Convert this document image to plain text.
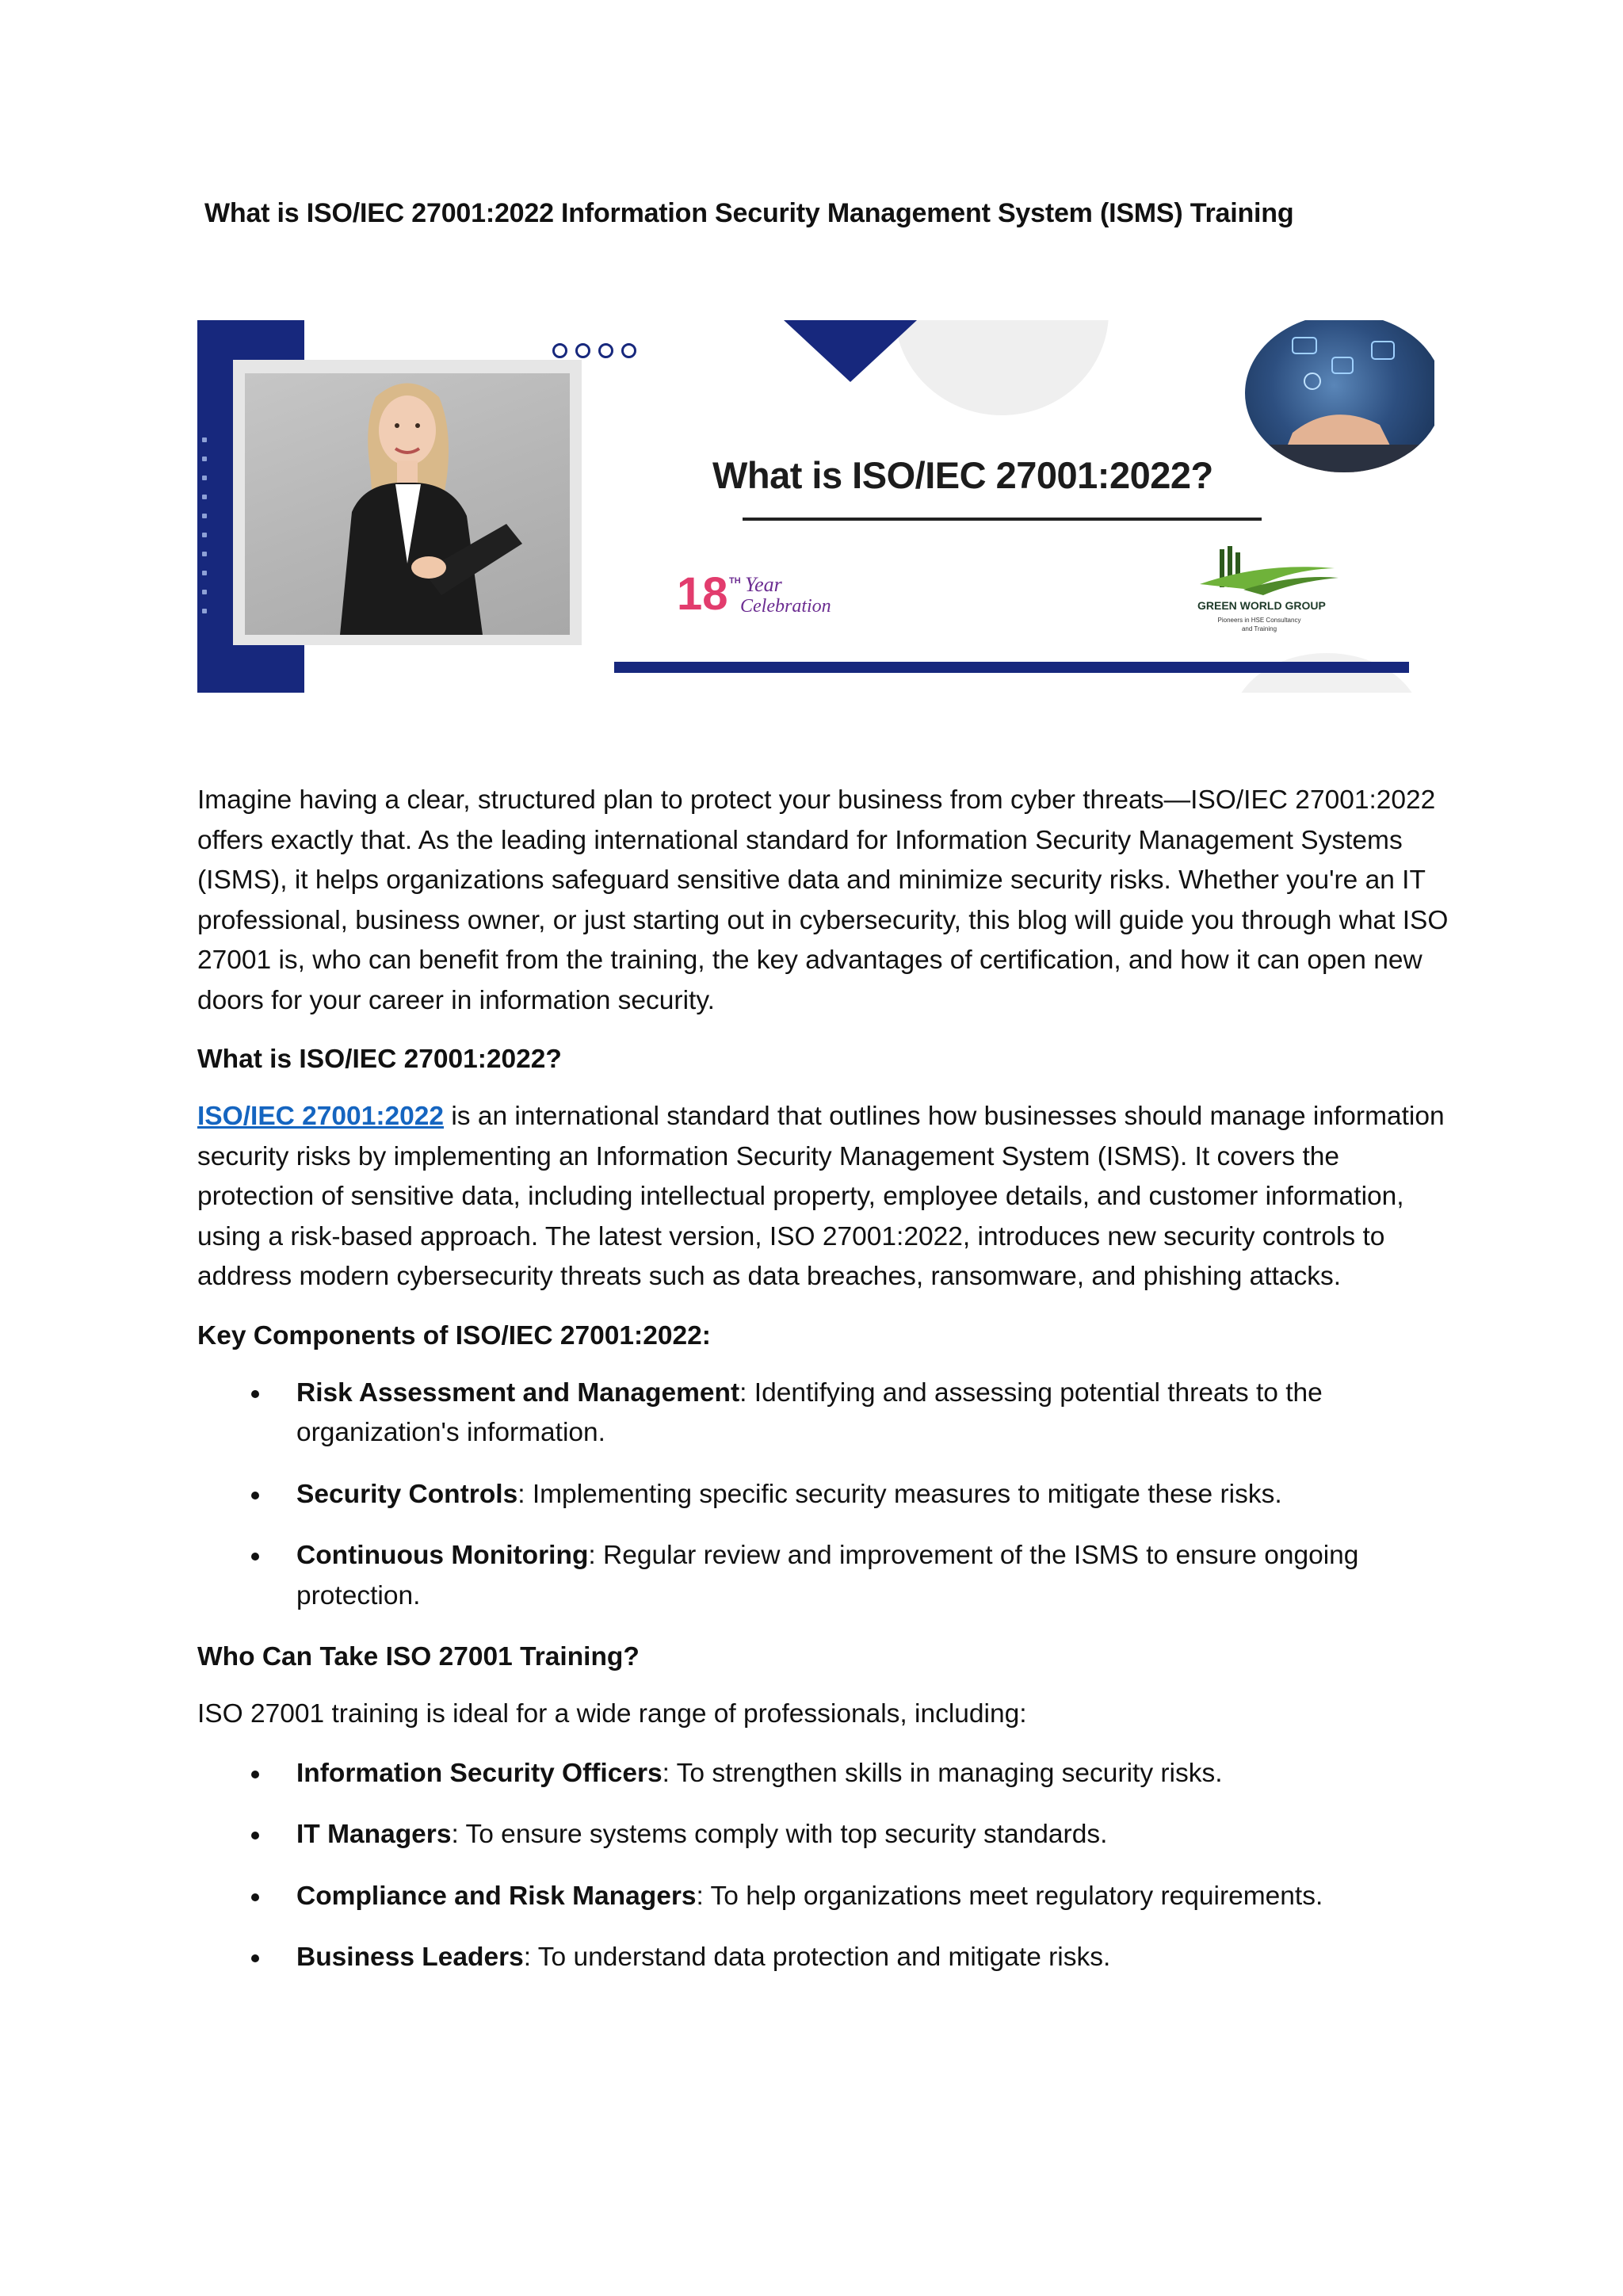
What is ISO/IEC 27001:2022 Information Security Management System (ISMS) Training
What is ISO/IEC 27001:2022?
18 TH Year
Celebration	GREEN WORLD GROUP
Pioneers in HSE Consultancy and Training

Imagine having a clear, structured plan to protect your business from cyber threats—ISO/IEC 27001:2022 offers exactly that. As the leading international standard for Information Security Management Systems (ISMS), it helps organizations safeguard sensitive data and minimize security risks. Whether you're an IT professional, business owner, or just starting out in cybersecurity, this blog will guide you through what ISO 27001 is, who can benefit from the training, the key advantages of certification, and how it can open new doors for your career in information security.

What is ISO/IEC 27001:2022?

ISO/IEC 27001:2022 is an international standard that outlines how businesses should manage information security risks by implementing an Information Security Management System (ISMS). It covers the protection of sensitive data, including intellectual property, employee details, and customer information, using a risk-based approach. The latest version, ISO 27001:2022, introduces new security controls to address modern cybersecurity threats such as data breaches, ransomware, and phishing attacks.

Key Components of ISO/IEC 27001:2022:
Risk Assessment and Management: Identifying and assessing potential threats to the organization's information.
Security Controls: Implementing specific security measures to mitigate these risks.
Continuous Monitoring: Regular review and improvement of the ISMS to ensure ongoing protection.
Who Can Take ISO 27001 Training?

ISO 27001 training is ideal for a wide range of professionals, including:

Information Security Officers: To strengthen skills in managing security risks.
IT Managers: To ensure systems comply with top security standards.
Compliance and Risk Managers: To help organizations meet regulatory requirements.
Business Leaders: To understand data protection and mitigate risks.
